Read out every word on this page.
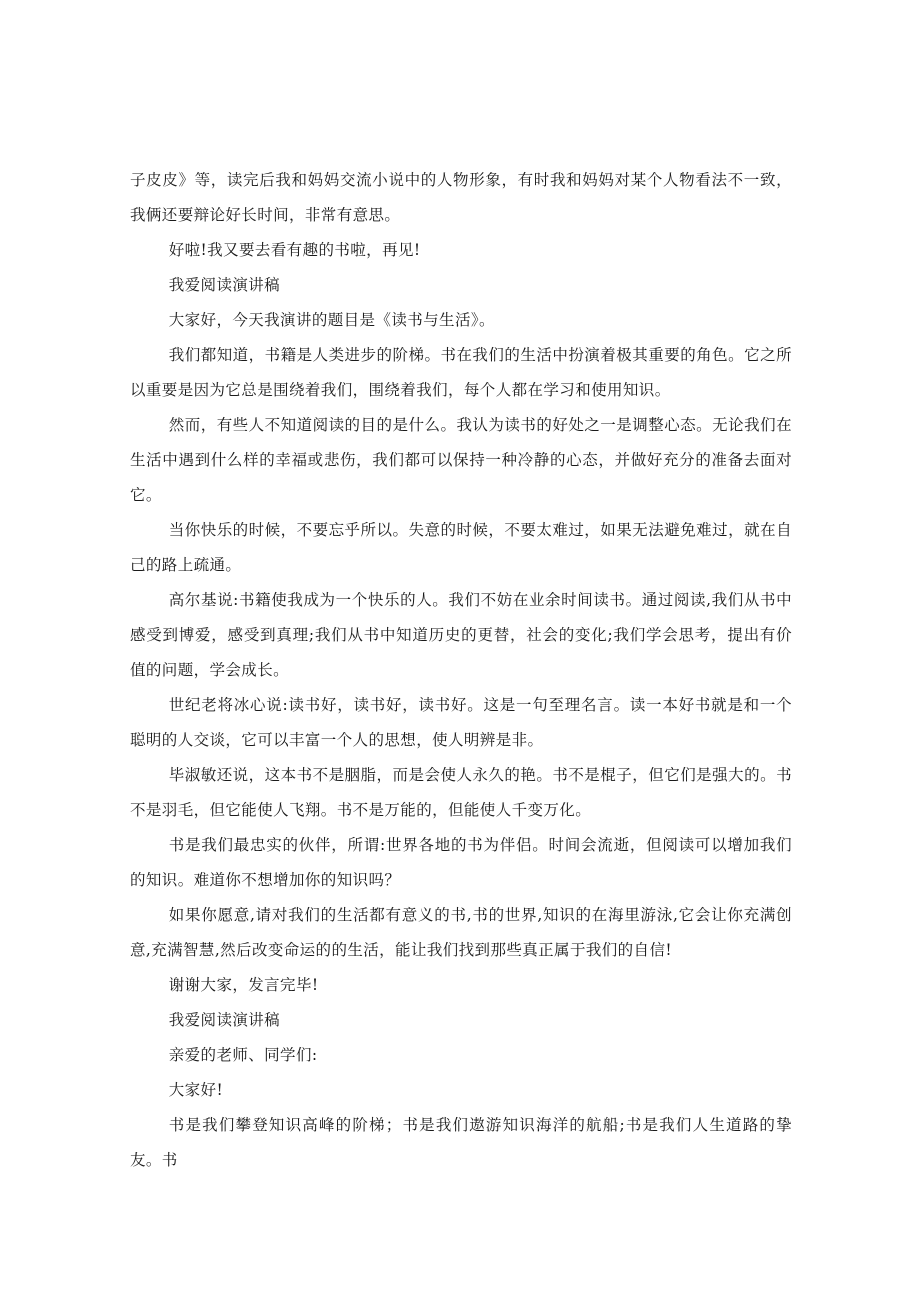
子皮皮》等，读完后我和妈妈交流小说中的人物形象，有时我和妈妈对某个人物看法不一致，我俩还要辩论好长时间，非常有意思。

好啦!我又要去看有趣的书啦，再见!

我爱阅读演讲稿

大家好，今天我演讲的题目是《读书与生活》。

我们都知道，书籍是人类进步的阶梯。书在我们的生活中扮演着极其重要的角色。它之所以重要是因为它总是围绕着我们，围绕着我们，每个人都在学习和使用知识。

然而，有些人不知道阅读的目的是什么。我认为读书的好处之一是调整心态。无论我们在生活中遇到什么样的幸福或悲伤，我们都可以保持一种冷静的心态，并做好充分的准备去面对它。

当你快乐的时候，不要忘乎所以。失意的时候，不要太难过，如果无法避免难过，就在自己的路上疏通。

高尔基说:书籍使我成为一个快乐的人。我们不妨在业余时间读书。通过阅读,我们从书中感受到博爱，感受到真理;我们从书中知道历史的更替，社会的变化;我们学会思考，提出有价值的问题，学会成长。

世纪老将冰心说:读书好，读书好，读书好。这是一句至理名言。读一本好书就是和一个聪明的人交谈，它可以丰富一个人的思想，使人明辨是非。

毕淑敏还说，这本书不是胭脂，而是会使人永久的艳。书不是棍子，但它们是强大的。书不是羽毛，但它能使人飞翔。书不是万能的，但能使人千变万化。

书是我们最忠实的伙伴，所谓:世界各地的书为伴侣。时间会流逝，但阅读可以增加我们的知识。难道你不想增加你的知识吗？

如果你愿意,请对我们的生活都有意义的书,书的世界,知识的在海里游泳,它会让你充满创意,充满智慧,然后改变命运的的生活，能让我们找到那些真正属于我们的自信!

谢谢大家，发言完毕!

我爱阅读演讲稿

亲爱的老师、同学们:

大家好!

书是我们攀登知识高峰的阶梯；书是我们遨游知识海洋的航船;书是我们人生道路的挚友。书
